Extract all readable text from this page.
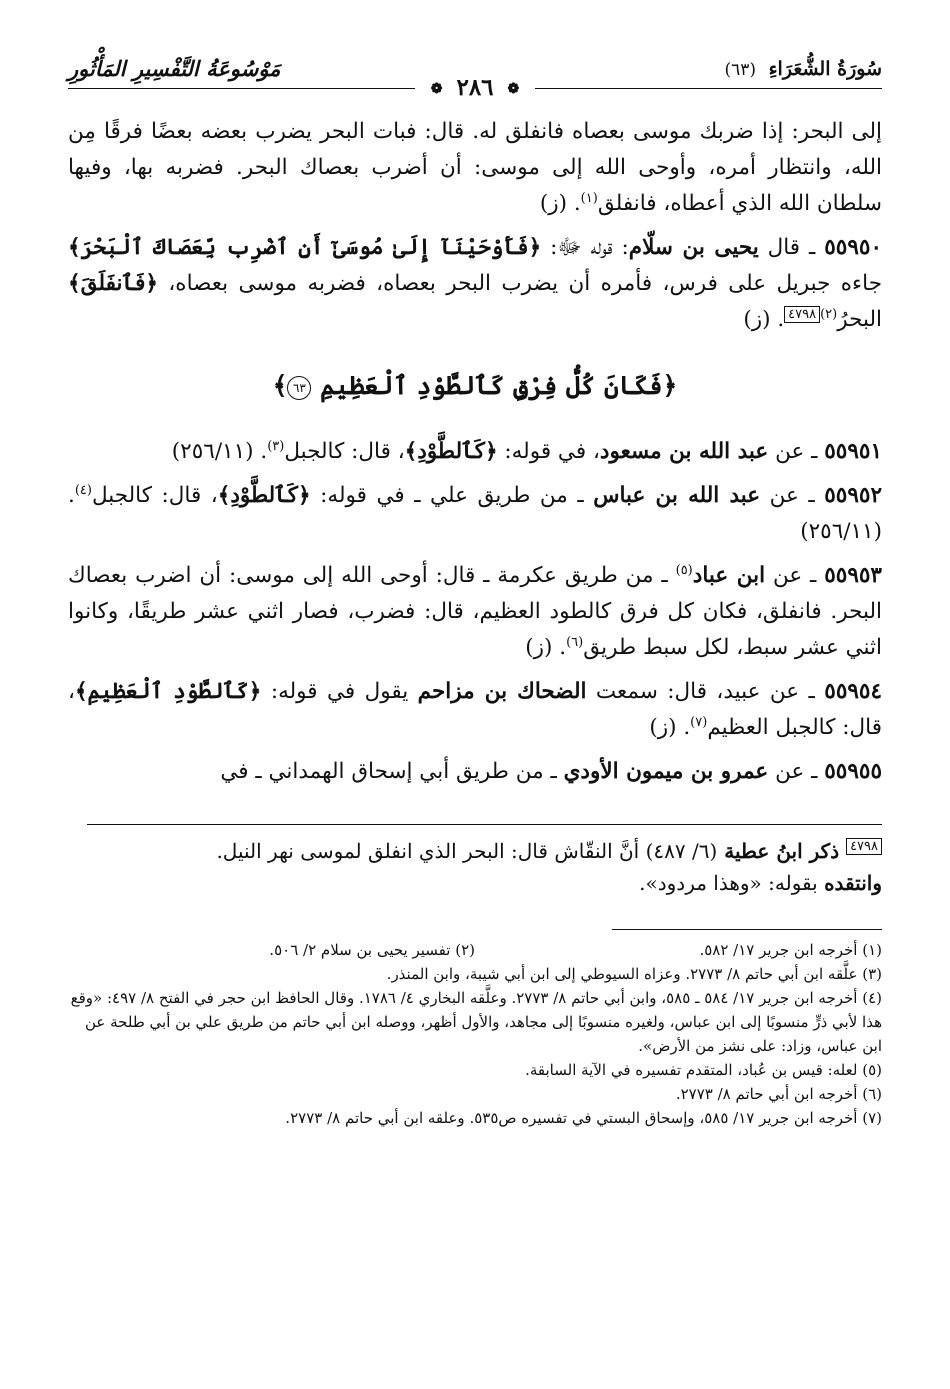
سُورَةُ الشُّعَرَاءِ (٦٣)
مَوْسُوعَةُ التَّفْسِيرِ المَأْثُورِ
❁ ٢٨٦ ❁

إلى البحر: إذا ضربك موسى بعصاه فانفلق له. قال: فبات البحر يضرب بعضه بعضًا فرقًا مِن الله، وانتظار أمره، وأوحى الله إلى موسى: أن أضرب بعصاك البحر. فضربه بها، وفيها سلطان الله الذي أعطاه، فانفلق$^{(١)}$. (ز)

٥٥٩٥٠ ـ قال يحيى بن سلّام: قوله ﷻ: ﴿فَأَوْحَيْنَآ إِلَىٰ مُوسَىٰٓ أَنِ ٱضْرِب بِّعَصَاكَ ٱلْبَحْرَ﴾ جاءه جبريل على فرس، فأمره أن يضرب البحر بعصاه، فضربه موسى بعصاه، ﴿فَٱنفَلَقَ﴾ البحرُ$^{(٢)}$٤٧٩٨. (ز)

﴿فَكَانَ كُلُّ فِرْقٍ كَٱلطَّوْدِ ٱلْعَظِيمِ ٦٣﴾

٥٥٩٥١ ـ عن عبد الله بن مسعود، في قوله: ﴿كَٱلطَّوْدِ﴾، قال: كالجبل$^{(٣)}$. (٢٥٦/١١)

٥٥٩٥٢ ـ عن عبد الله بن عباس ـ من طريق علي ـ في قوله: ﴿كَٱلطَّوْدِ﴾، قال: كالجبل$^{(٤)}$. (٢٥٦/١١)

٥٥٩٥٣ ـ عن ابن عباد$^{(٥)}$ ـ من طريق عكرمة ـ قال: أوحى الله إلى موسى: أن اضرب بعصاك البحر. فانفلق، فكان كل فرق كالطود العظيم، قال: فضرب، فصار اثني عشر طريقًا، وكانوا اثني عشر سبط، لكل سبط طريق$^{(٦)}$. (ز)

٥٥٩٥٤ ـ عن عبيد، قال: سمعت الضحاك بن مزاحم يقول في قوله: ﴿كَٱلطَّوْدِ ٱلْعَظِيمِ﴾، قال: كالجبل العظيم$^{(٧)}$. (ز)

٥٥٩٥٥ ـ عن عمرو بن ميمون الأودي ـ من طريق أبي إسحاق الهمداني ـ في

٤٧٩٨ ذكر ابنُ عطية (٦/ ٤٨٧) أنَّ النقّاش قال: البحر الذي انفلق لموسى نهر النيل.
وانتقده بقوله: «وهذا مردود».

(١) أخرجه ابن جرير ١٧/ ٥٨٢.
(٢) تفسير يحيى بن سلام ٢/ ٥٠٦.

(٣) علَّقه ابن أبي حاتم ٨/ ٢٧٧٣. وعزاه السيوطي إلى ابن أبي شيبة، وابن المنذر.

(٤) أخرجه ابن جرير ١٧/ ٥٨٤ ـ ٥٨٥، وابن أبي حاتم ٨/ ٢٧٧٣. وعلَّقه البخاري ٤/ ١٧٨٦. وقال الحافظ ابن حجر في الفتح ٨/ ٤٩٧: «وقع هذا لأبي ذرٍّ منسوبًا إلى ابن عباس، ولغيره منسوبًا إلى مجاهد، والأول أظهر، ووصله ابن أبي حاتم من طريق علي بن أبي طلحة عن ابن عباس، وزاد: على نشز من الأرض».

(٥) لعله: قيس بن عُباد، المتقدم تفسيره في الآية السابقة.

(٦) أخرجه ابن أبي حاتم ٨/ ٢٧٧٣.

(٧) أخرجه ابن جرير ١٧/ ٥٨٥، وإسحاق البستي في تفسيره ص٥٣٥. وعلقه ابن أبي حاتم ٨/ ٢٧٧٣.
